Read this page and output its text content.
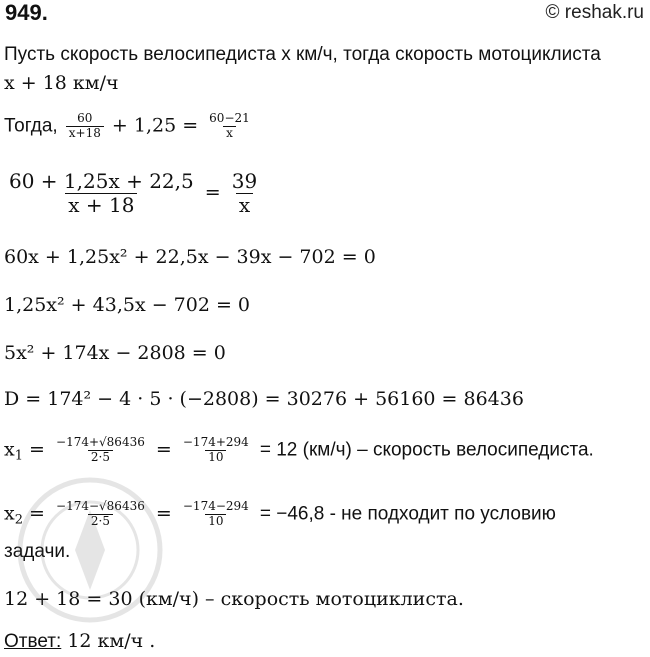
949.	© reshak.ru
Пусть скорость велосипедиста x км/ч, тогда скорость мотоциклиста
x + 18 км/ч
Тогда, $\frac{60}{x+18} + 1,25 = \frac{60-21}{x}$
$\frac{60 + 1,25x + 22,5}{x + 18} = \frac{39}{x}$
60x + 1,25x² + 22,5x − 39x − 702 = 0
1,25x² + 43,5x − 702 = 0
5x² + 174x − 2808 = 0
D = 174² − 4 · 5 · (−2808) = 30276 + 56160 = 86436
$x_1 = \frac{-174+√86436}{2\cdot 5} = \frac{-174+294}{10} = 12$ (км/ч) – скорость велосипедиста.
$x_2 = \frac{-174-√86436}{2\cdot 5} = \frac{-174-294}{10} = -46,8$ - не подходит по условию
задачи.
12 + 18 = 30 (км/ч) – скорость мотоциклиста.
Ответ: 12 км/ч .
